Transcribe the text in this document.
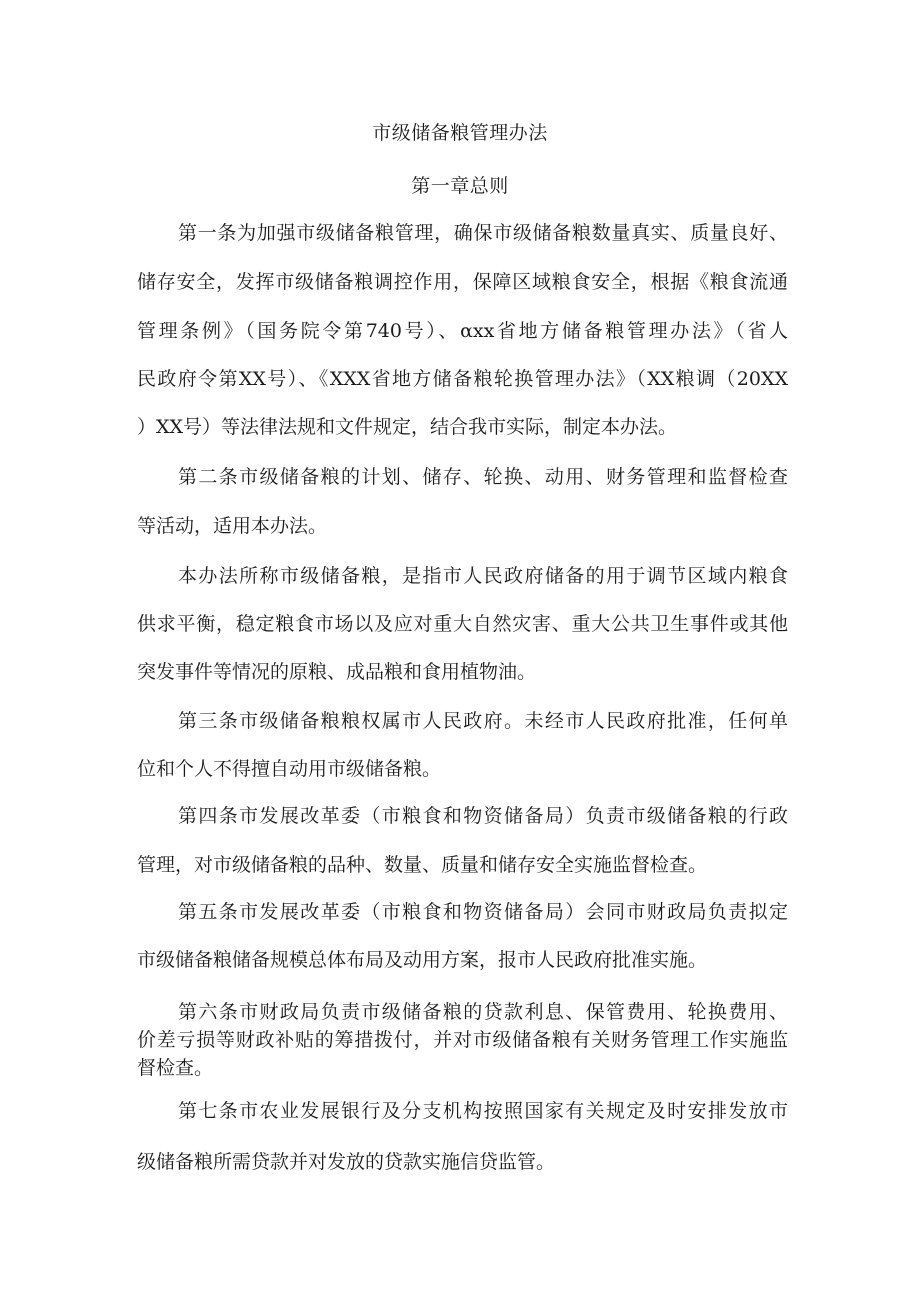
市级储备粮管理办法
第一章总则
第一条为加强市级储备粮管理，确保市级储备粮数量真实、质量良好、
储存安全，发挥市级储备粮调控作用，保障区域粮食安全，根据《粮食流通
管理条例》（国务院令第740号）、αxx省地方储备粮管理办法》（省人
民政府令第XX号）、《XXX省地方储备粮轮换管理办法》（XX粮调（20XX
）XX号）等法律法规和文件规定，结合我市实际，制定本办法。
第二条市级储备粮的计划、储存、轮换、动用、财务管理和监督检查
等活动，适用本办法。
本办法所称市级储备粮，是指市人民政府储备的用于调节区域内粮食
供求平衡，稳定粮食市场以及应对重大自然灾害、重大公共卫生事件或其他
突发事件等情况的原粮、成品粮和食用植物油。
第三条市级储备粮粮权属市人民政府。未经市人民政府批准，任何单
位和个人不得擅自动用市级储备粮。
第四条市发展改革委（市粮食和物资储备局）负责市级储备粮的行政
管理，对市级储备粮的品种、数量、质量和储存安全实施监督检查。
第五条市发展改革委（市粮食和物资储备局）会同市财政局负责拟定
市级储备粮储备规模总体布局及动用方案，报市人民政府批准实施。
第六条市财政局负责市级储备粮的贷款利息、保管费用、轮换费用、
价差亏损等财政补贴的筹措拨付，并对市级储备粮有关财务管理工作实施监
督检查。
第七条市农业发展银行及分支机构按照国家有关规定及时安排发放市
级储备粮所需贷款并对发放的贷款实施信贷监管。
